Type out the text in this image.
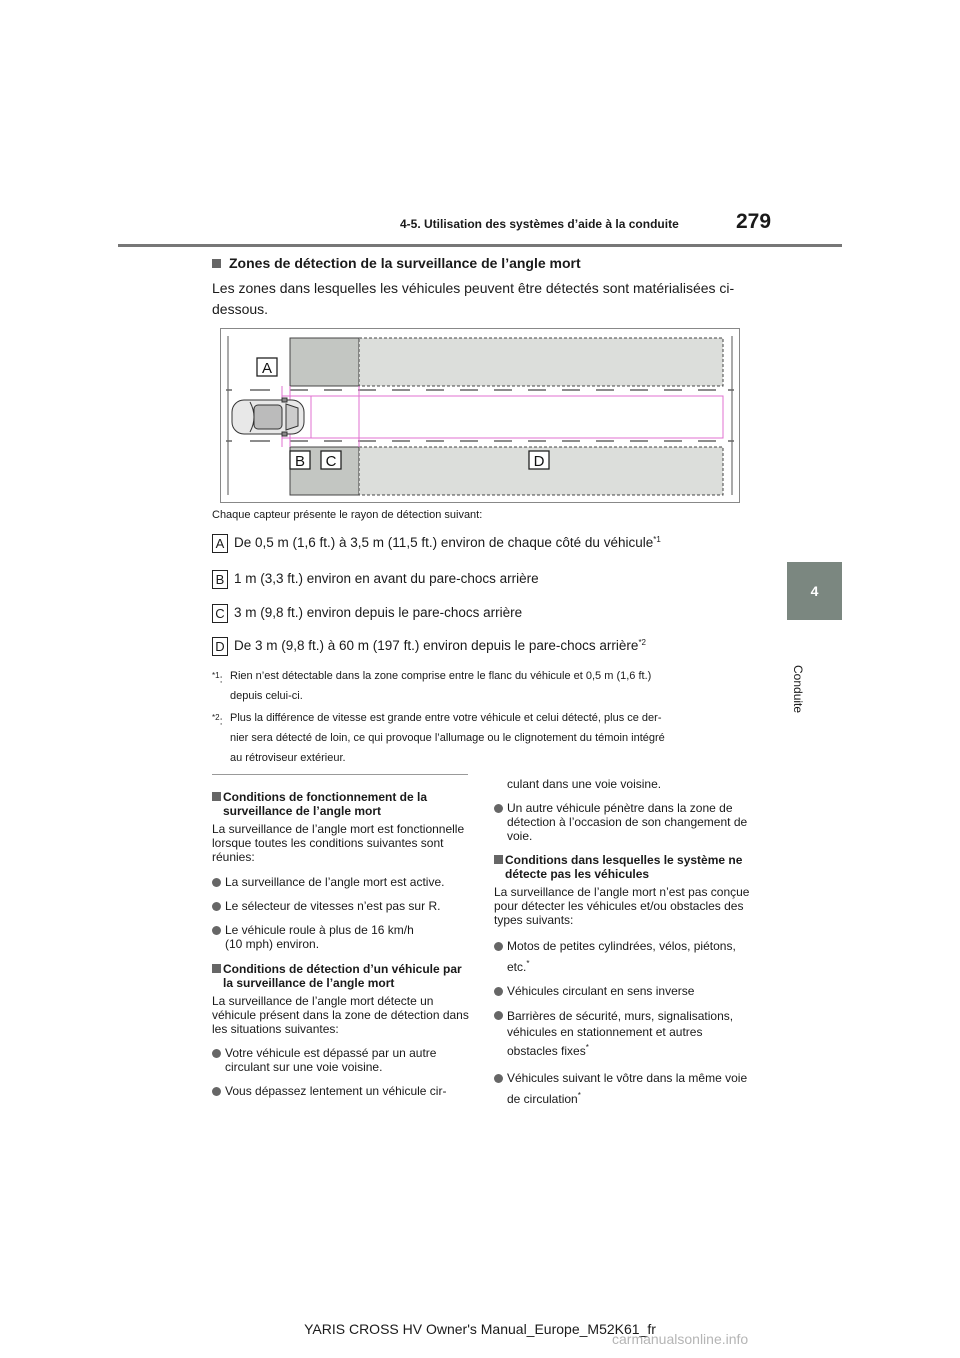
4-5. Utilisation des systèmes d’aide à la conduite	279
4
Conduite
Zones de détection de la surveillance de l’angle mort
Les zones dans lesquelles les véhicules peuvent être détectés sont matérialisées ci-dessous.
A
B C	D
Chaque capteur présente le rayon de détection suivant:
A De 0,5 m (1,6 ft.) à 3,5 m (11,5 ft.) environ de chaque côté du véhicule$^{*1}$
B 1 m (3,3 ft.) environ en avant du pare-chocs arrière
C 3 m (9,8 ft.) environ depuis le pare-chocs arrière
D De 3 m (9,8 ft.) à 60 m (197 ft.) environ depuis le pare-chocs arrière$^{*2}$
$^{*1}$: Rien n’est détectable dans la zone comprise entre le flanc du véhicule et 0,5 m (1,6 ft.)
depuis celui-ci.
$^{*2}$: Plus la différence de vitesse est grande entre votre véhicule et celui détecté, plus ce der-
nier sera détecté de loin, ce qui provoque l’allumage ou le clignotement du témoin intégré
au rétroviseur extérieur.
Conditions de fonctionnement de la surveillance de l’angle mort
La surveillance de l’angle mort est fonctionnelle lorsque toutes les conditions suivantes sont réunies:
La surveillance de l’angle mort est active.
Le sélecteur de vitesses n’est pas sur R.
Le véhicule roule à plus de 16 km/h (10 mph) environ.
Conditions de détection d’un véhicule par la surveillance de l’angle mort
La surveillance de l’angle mort détecte un véhicule présent dans la zone de détection dans les situations suivantes:
Votre véhicule est dépassé par un autre circulant sur une voie voisine.
Vous dépassez lentement un véhicule cir-
culant dans une voie voisine.
Un autre véhicule pénètre dans la zone de détection à l’occasion de son changement de voie.
Conditions dans lesquelles le système ne détecte pas les véhicules
La surveillance de l’angle mort n’est pas conçue pour détecter les véhicules et/ou obstacles des types suivants:
Motos de petites cylindrées, vélos, piétons, etc.*
Véhicules circulant en sens inverse
Barrières de sécurité, murs, signalisations, véhicules en stationnement et autres obstacles fixes*
Véhicules suivant le vôtre dans la même voie de circulation*
YARIS CROSS HV Owner's Manual_Europe_M52K61_fr
carmanualsonline.info
